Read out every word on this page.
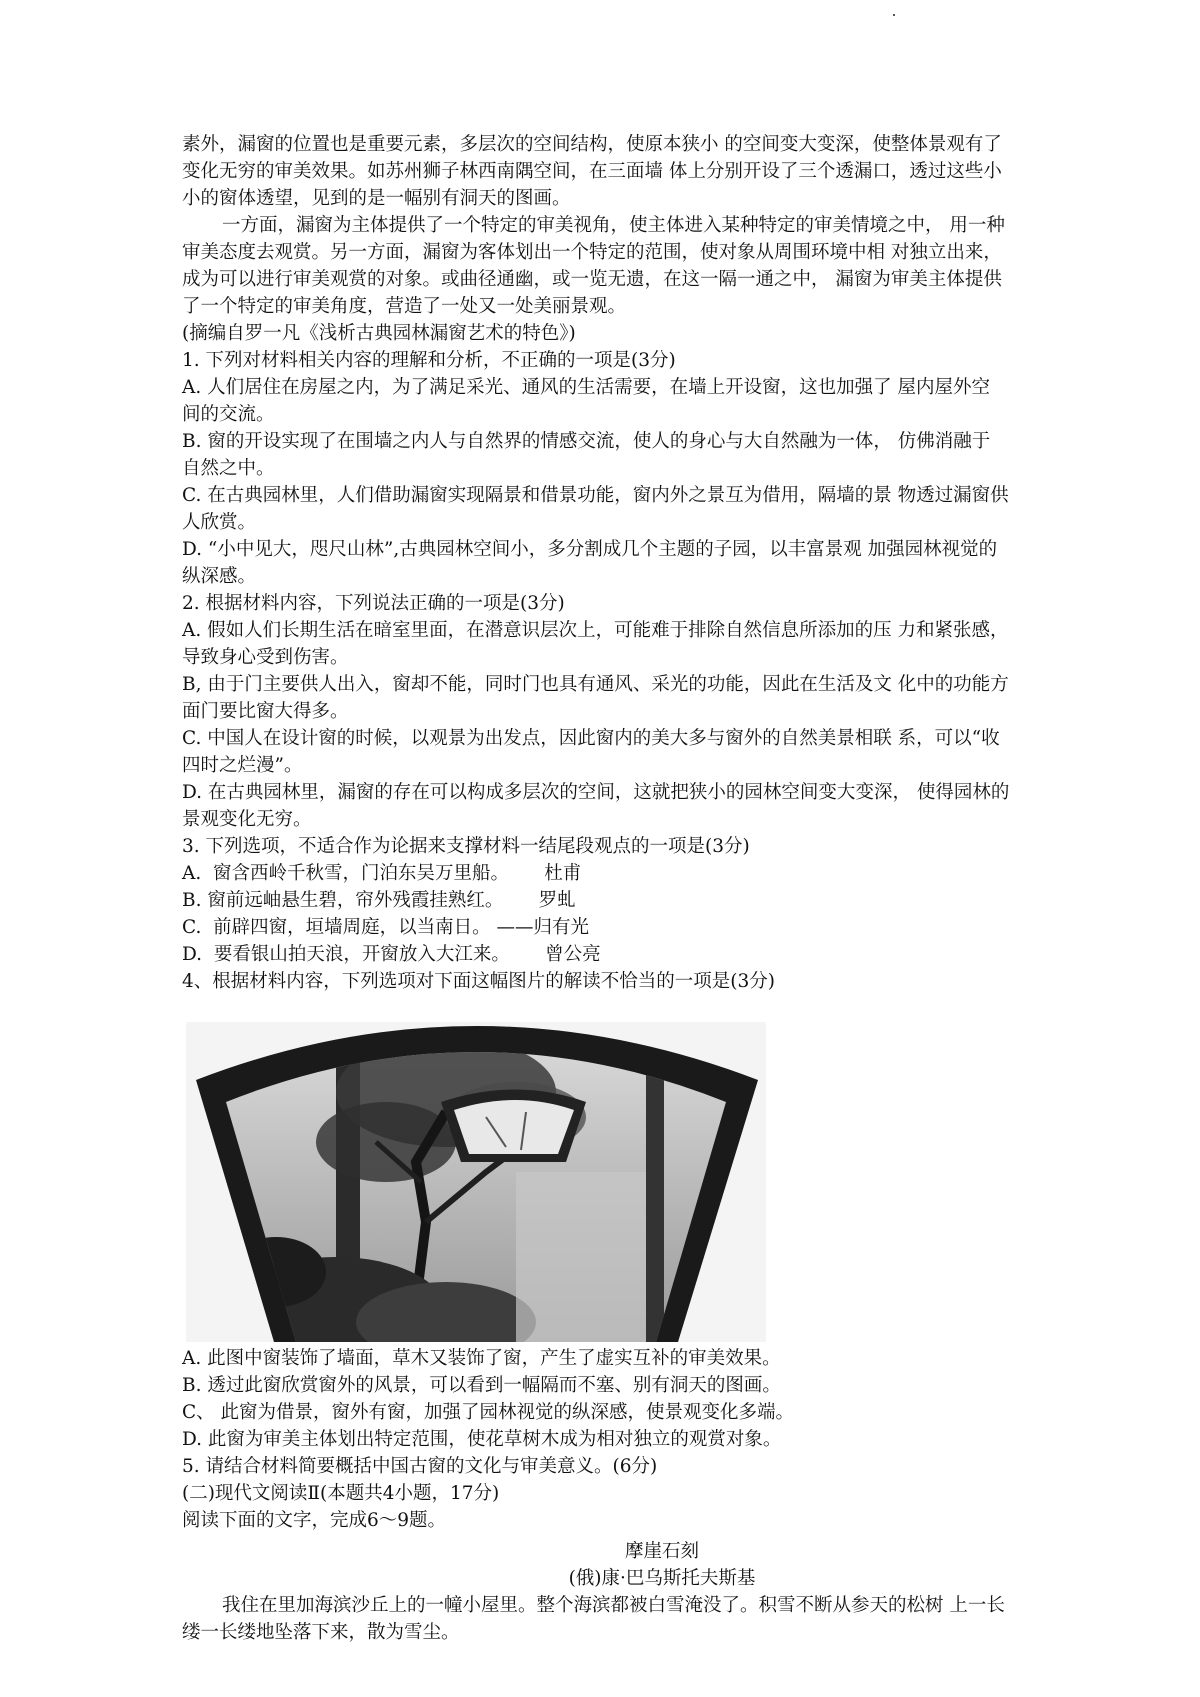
素外，漏窗的位置也是重要元素，多层次的空间结构，使原本狭小 的空间变大变深，使整体景观有了
变化无穷的审美效果。如苏州狮子林西南隅空间，在三面墙 体上分别开设了三个透漏口，透过这些小
小的窗体透望，见到的是一幅别有洞天的图画。
一方面，漏窗为主体提供了一个特定的审美视角，使主体进入某种特定的审美情境之中， 用一种
审美态度去观赏。另一方面，漏窗为客体划出一个特定的范围，使对象从周围环境中相 对独立出来，
成为可以进行审美观赏的对象。或曲径通幽，或一览无遗，在这一隔一通之中， 漏窗为审美主体提供
了一个特定的审美角度，营造了一处又一处美丽景观。
(摘编自罗一凡《浅析古典园林漏窗艺术的特色》)
1. 下列对材料相关内容的理解和分析，不正确的一项是(3分)
A. 人们居住在房屋之内，为了满足采光、通风的生活需要，在墙上开设窗，这也加强了 屋内屋外空
间的交流。
B. 窗的开设实现了在围墙之内人与自然界的情感交流，使人的身心与大自然融为一体， 仿佛消融于
自然之中。
C. 在古典园林里，人们借助漏窗实现隔景和借景功能，窗内外之景互为借用，隔墙的景 物透过漏窗供
人欣赏。
D. “小中见大，咫尺山林”,古典园林空间小，多分割成几个主题的子园，以丰富景观 加强园林视觉的
纵深感。
2. 根据材料内容，下列说法正确的一项是(3分)
A. 假如人们长期生活在暗室里面，在潜意识层次上，可能难于排除自然信息所添加的压 力和紧张感，
导致身心受到伤害。
B, 由于门主要供人出入，窗却不能，同时门也具有通风、采光的功能，因此在生活及文 化中的功能方
面门要比窗大得多。
C. 中国人在设计窗的时候，以观景为出发点，因此窗内的美大多与窗外的自然美景相联 系，可以“收
四时之烂漫”。
D. 在古典园林里，漏窗的存在可以构成多层次的空间，这就把狭小的园林空间变大变深， 使得园林的
景观变化无穷。
3. 下列选项，不适合作为论据来支撑材料一结尾段观点的一项是(3分)
A.  窗含西岭千秋雪，门泊东吴万里船。      杜甫
B. 窗前远岫悬生碧，帘外残霞挂熟红。      罗虬
C.  前辟四窗，垣墙周庭，以当南日。 ——归有光
D.  要看银山拍天浪，开窗放入大江来。      曾公亮
4、根据材料内容，下列选项对下面这幅图片的解读不恰当的一项是(3分)
A. 此图中窗装饰了墙面，草木又装饰了窗，产生了虚实互补的审美效果。
B. 透过此窗欣赏窗外的风景，可以看到一幅隔而不塞、别有洞天的图画。
C、 此窗为借景，窗外有窗，加强了园林视觉的纵深感，使景观变化多端。
D. 此窗为审美主体划出特定范围，使花草树木成为相对独立的观赏对象。
5. 请结合材料简要概括中国古窗的文化与审美意义。(6分)
(二)现代文阅读Ⅱ(本题共4小题，17分)
阅读下面的文字，完成6～9题。
摩崖石刻
(俄)康·巴乌斯托夫斯基
我住在里加海滨沙丘上的一幢小屋里。整个海滨都被白雪淹没了。积雪不断从参天的松树 上一长
缕一长缕地坠落下来，散为雪尘。
